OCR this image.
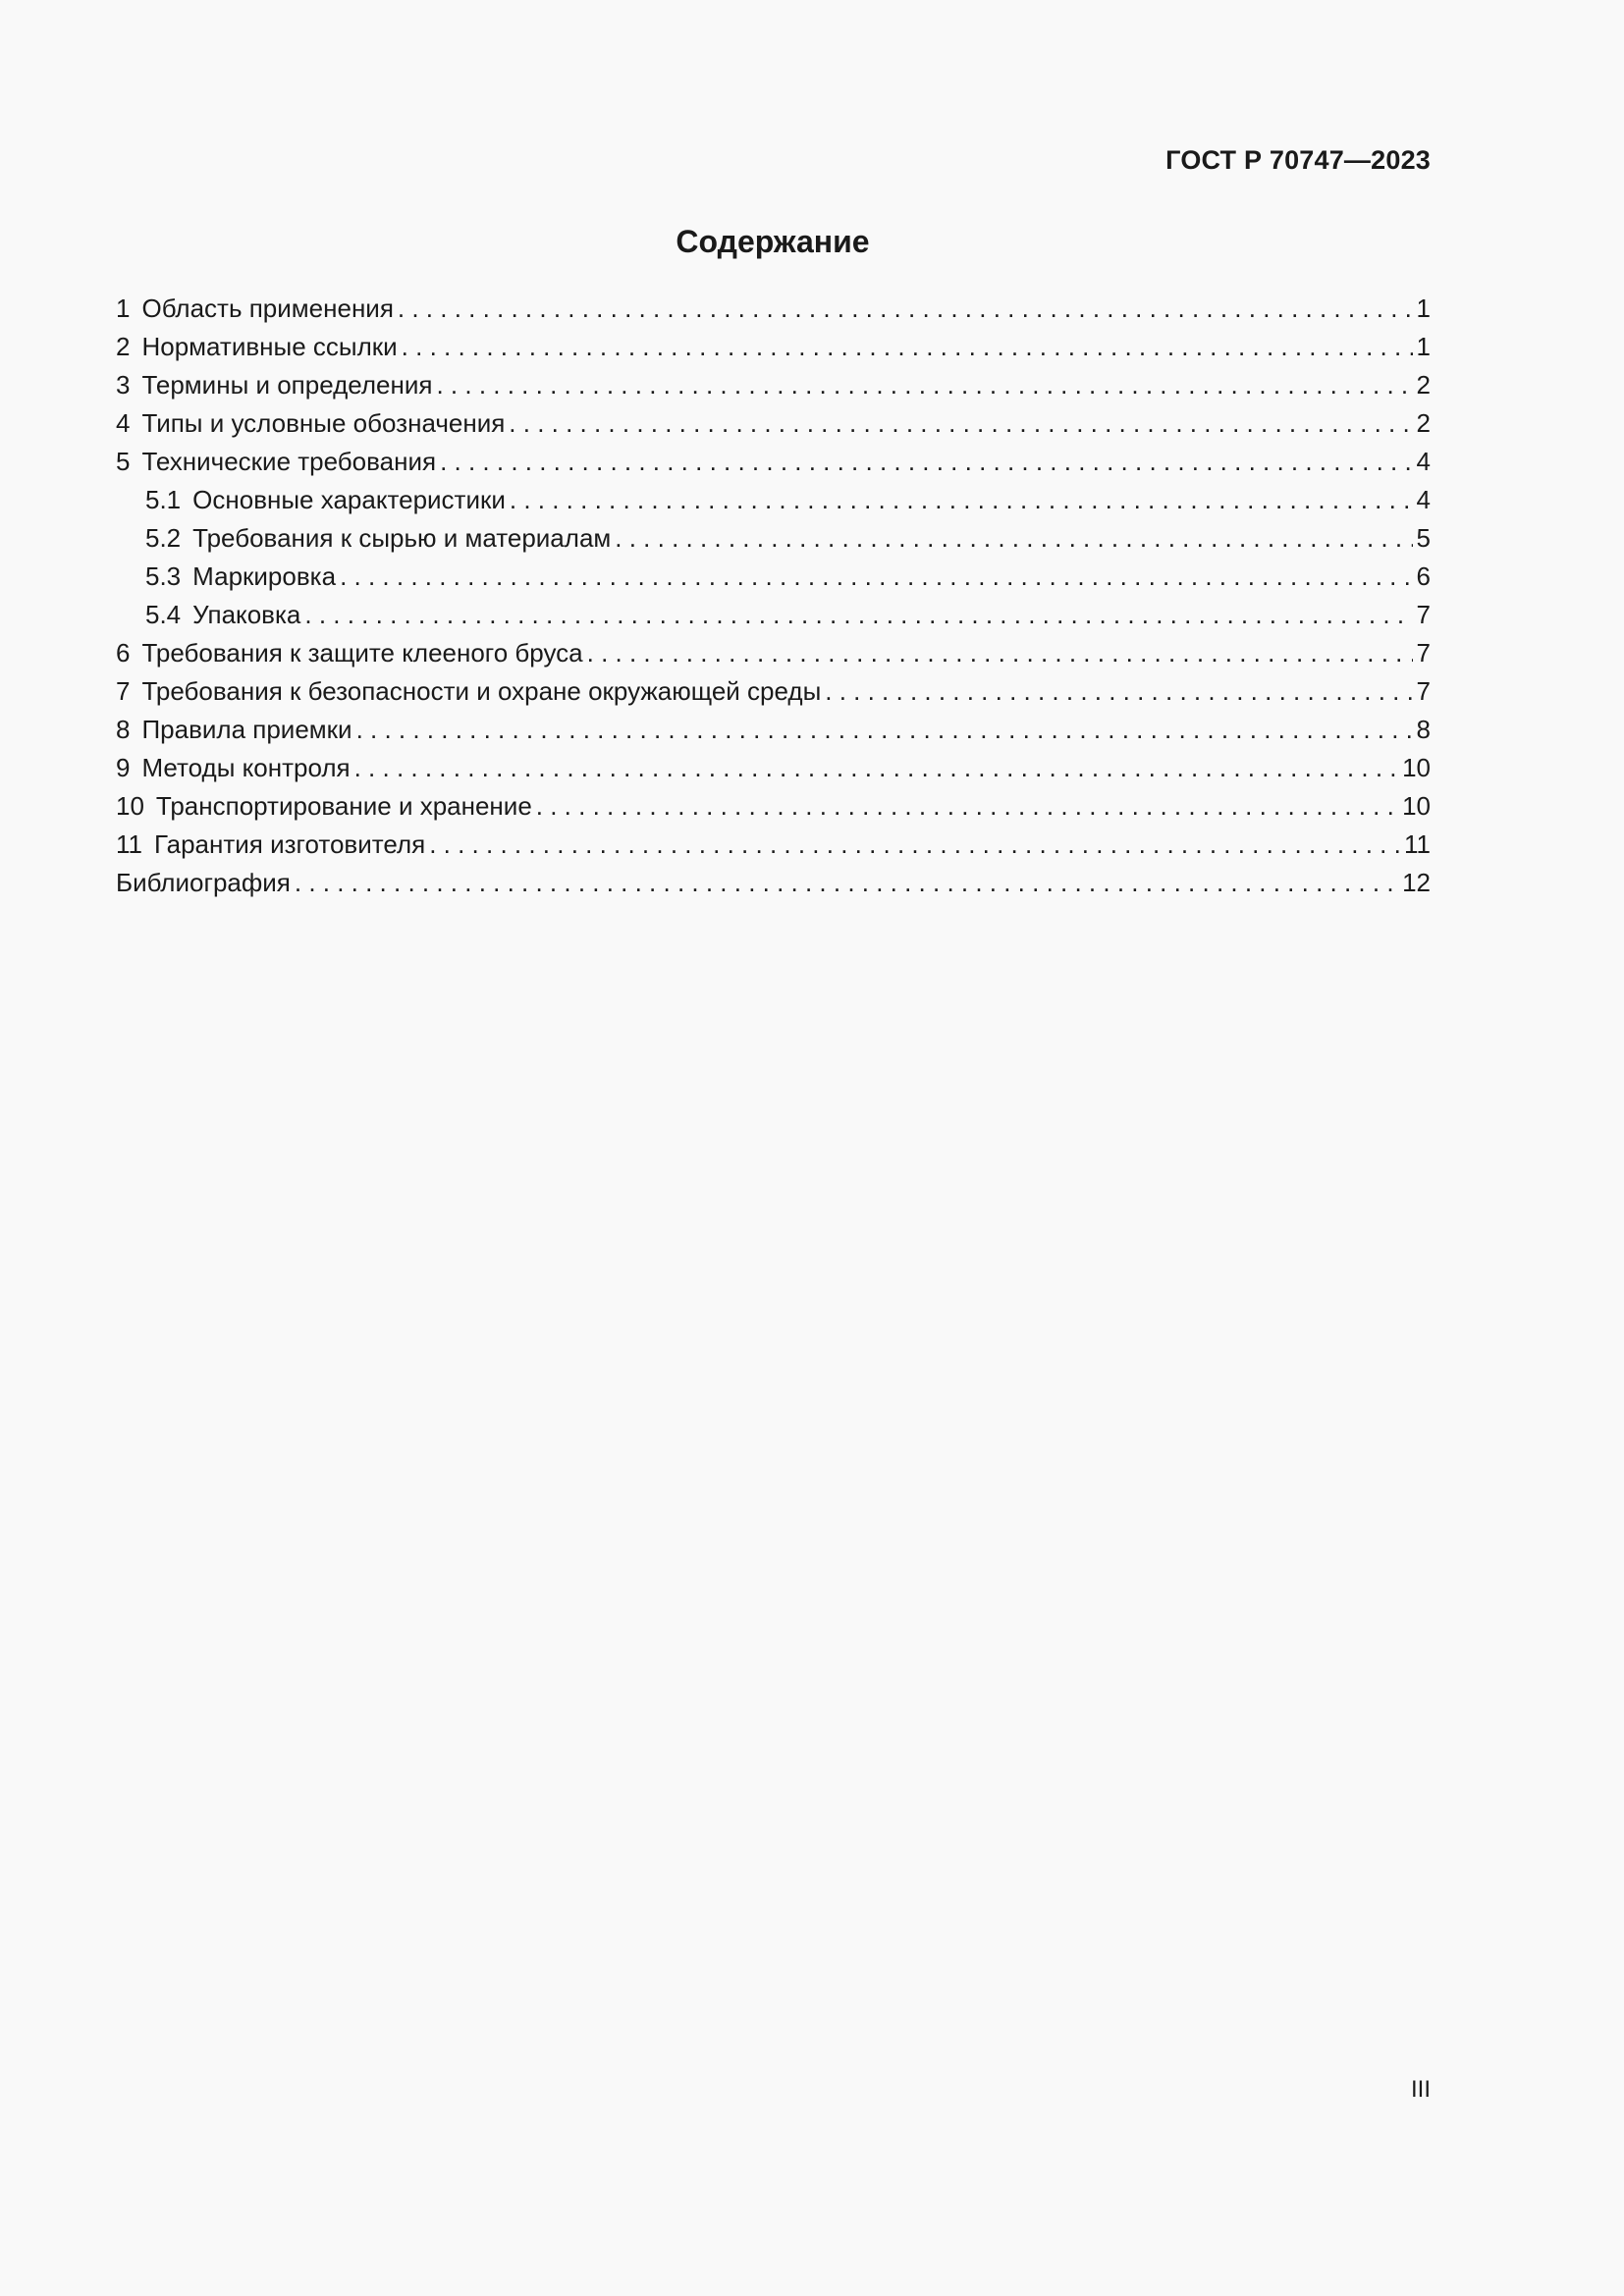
ГОСТ Р 70747—2023
Содержание
1 Область применения . . .	1
2 Нормативные ссылки . . .	1
3 Термины и определения . . .	2
4 Типы и условные обозначения . . .	2
5 Технические требования . . .	4
5.1 Основные характеристики . . .	4
5.2 Требования к сырью и материалам . . .	5
5.3 Маркировка . . .	6
5.4 Упаковка . . .	7
6 Требования к защите клееного бруса . . .	7
7 Требования к безопасности и охране окружающей среды . . .	7
8 Правила приемки . . .	8
9 Методы контроля . . .	10
10 Транспортирование и хранение . . .	10
11 Гарантия изготовителя . . .	11
Библиография . . .	12
III
